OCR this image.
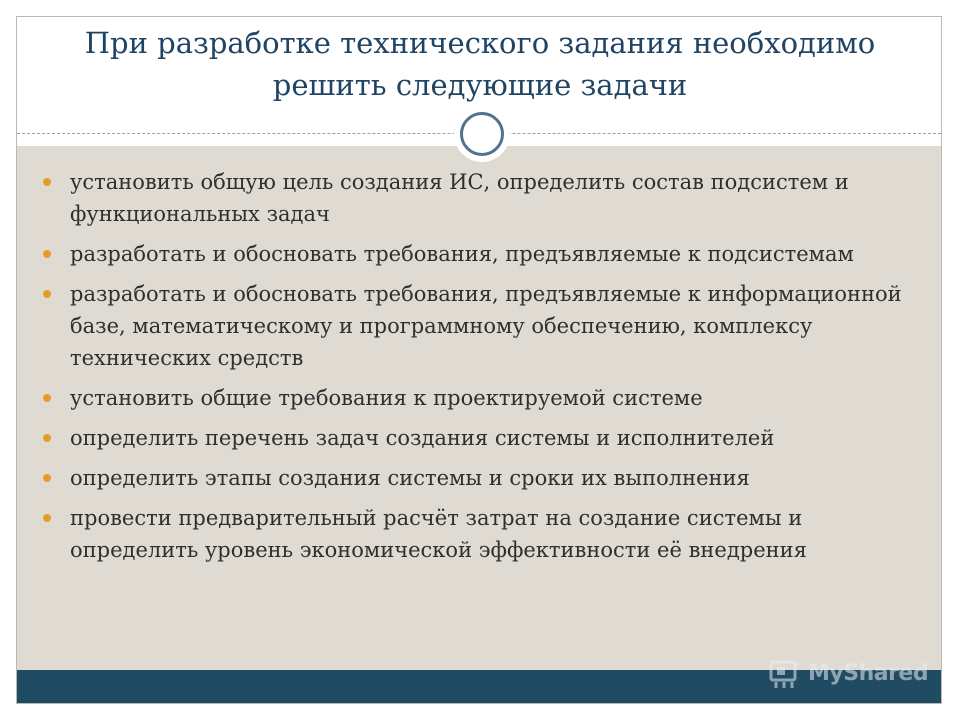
При разработке технического задания необходимо решить следующие задачи
установить общую цель создания ИС, определить состав подсистем и функциональных задач
разработать и обосновать требования, предъявляемые к подсистемам
разработать и обосновать требования, предъявляемые к информационной базе, математическому и программному обеспечению, комплексу технических средств
установить общие требования к проектируемой системе
определить перечень задач создания системы и исполнителей
определить этапы создания системы и сроки их выполнения
провести предварительный расчёт затрат на создание системы и определить уровень экономической эффективности её внедрения
MyShared
